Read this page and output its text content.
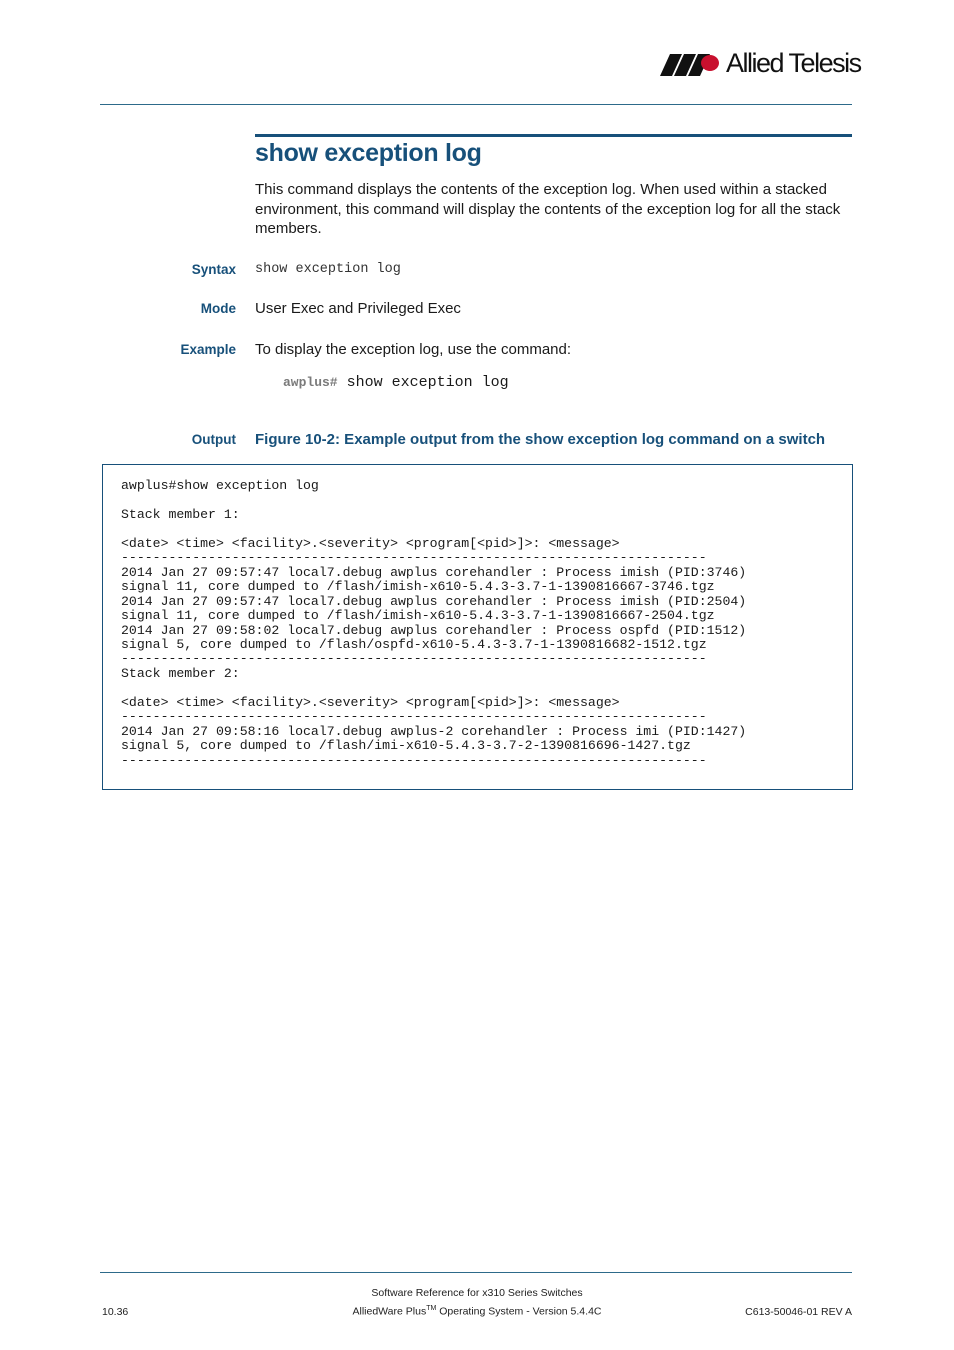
Allied Telesis
show exception log

This command displays the contents of the exception log. When used within a stacked environment, this command will display the contents of the exception log for all the stack members.

Syntax show exception log
Mode User Exec and Privileged Exec
Example To display the exception log, use the command:
awplus# show exception log
Output Figure 10-2: Example output from the show exception log command on a switch
awplus#show exception log

Stack member 1:

<date> <time> <facility>.<severity> <program[<pid>]>: <message>
--------------------------------------------------------------------------
2014 Jan 27 09:57:47 local7.debug awplus corehandler : Process imish (PID:3746)
signal 11, core dumped to /flash/imish-x610-5.4.3-3.7-1-1390816667-3746.tgz
2014 Jan 27 09:57:47 local7.debug awplus corehandler : Process imish (PID:2504)
signal 11, core dumped to /flash/imish-x610-5.4.3-3.7-1-1390816667-2504.tgz
2014 Jan 27 09:58:02 local7.debug awplus corehandler : Process ospfd (PID:1512)
signal 5, core dumped to /flash/ospfd-x610-5.4.3-3.7-1-1390816682-1512.tgz
--------------------------------------------------------------------------
Stack member 2:

<date> <time> <facility>.<severity> <program[<pid>]>: <message>
--------------------------------------------------------------------------
2014 Jan 27 09:58:16 local7.debug awplus-2 corehandler : Process imi (PID:1427)
signal 5, core dumped to /flash/imi-x610-5.4.3-3.7-2-1390816696-1427.tgz
--------------------------------------------------------------------------
Software Reference for x310 Series Switches
AlliedWare Plus™ Operating System - Version 5.4.4C
10.36	C613-50046-01 REV A
